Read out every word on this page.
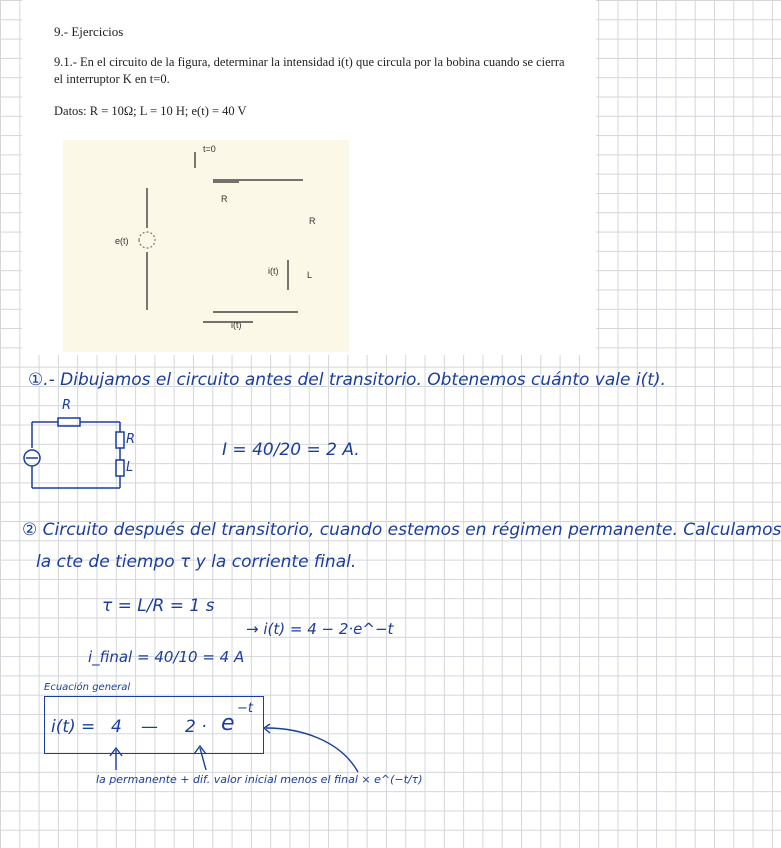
9.- Ejercicios
9.1.- En el circuito de la figura, determinar la intensidad i(t) que circula por la bobina cuando se cierra el interruptor K en t=0.
Datos: R = 10Ω; L = 10 H; e(t) = 40 V
t=0
R
R
e(t)
i(t)	L
i(t)
①.- Dibujamos el circuito antes del transitorio. Obtenemos cuánto vale i(t).
R
R
L
I = 40/20 = 2 A.
② Circuito después del transitorio, cuando estemos en régimen permanente. Calculamos
la cte de tiempo τ y la corriente final.
τ = L/R = 1 s
→ i(t) = 4 − 2·e^−t
i_final = 40/10 = 4 A
Ecuación general
i(t) = 4 — 2 · e
−t
la permanente + dif. valor inicial menos el final × e^(−t/τ)
